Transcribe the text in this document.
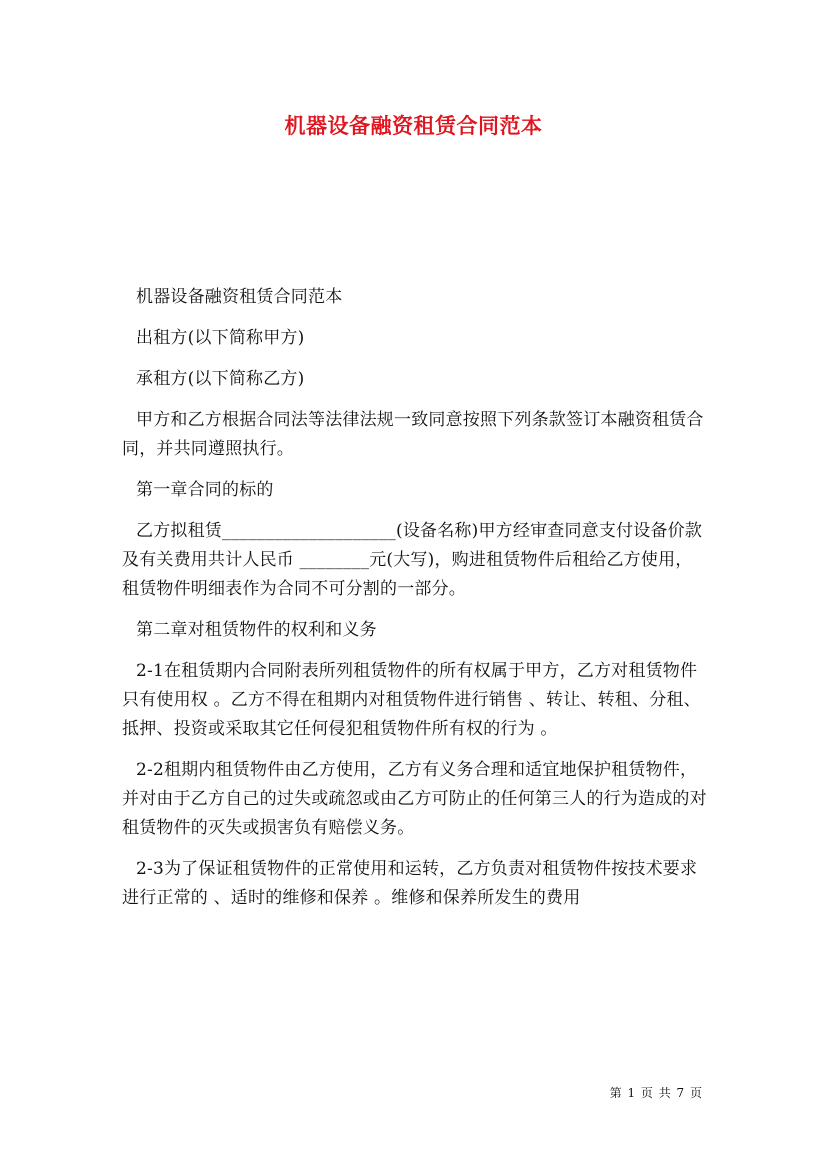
机器设备融资租赁合同范本

机器设备融资租赁合同范本

出租方(以下简称甲方)

承租方(以下简称乙方)

甲方和乙方根据合同法等法律法规一致同意按照下列条款签订本融资租赁合同，并共同遵照执行。

第一章合同的标的

乙方拟租赁____________________(设备名称)甲方经审查同意支付设备价款及有关费用共计人民币 ________元(大写)，购进租赁物件后租给乙方使用，租赁物件明细表作为合同不可分割的一部分。

第二章对租赁物件的权利和义务

2-1在租赁期内合同附表所列租赁物件的所有权属于甲方，乙方对租赁物件只有使用权 。乙方不得在租期内对租赁物件进行销售 、转让、转租、分租、抵押、投资或采取其它任何侵犯租赁物件所有权的行为 。

2-2租期内租赁物件由乙方使用，乙方有义务合理和适宜地保护租赁物件，并对由于乙方自己的过失或疏忽或由乙方可防止的任何第三人的行为造成的对租赁物件的灭失或损害负有赔偿义务。

2-3为了保证租赁物件的正常使用和运转，乙方负责对租赁物件按技术要求进行正常的 、适时的维修和保养 。维修和保养所发生的费用

第 1 页 共 7 页
